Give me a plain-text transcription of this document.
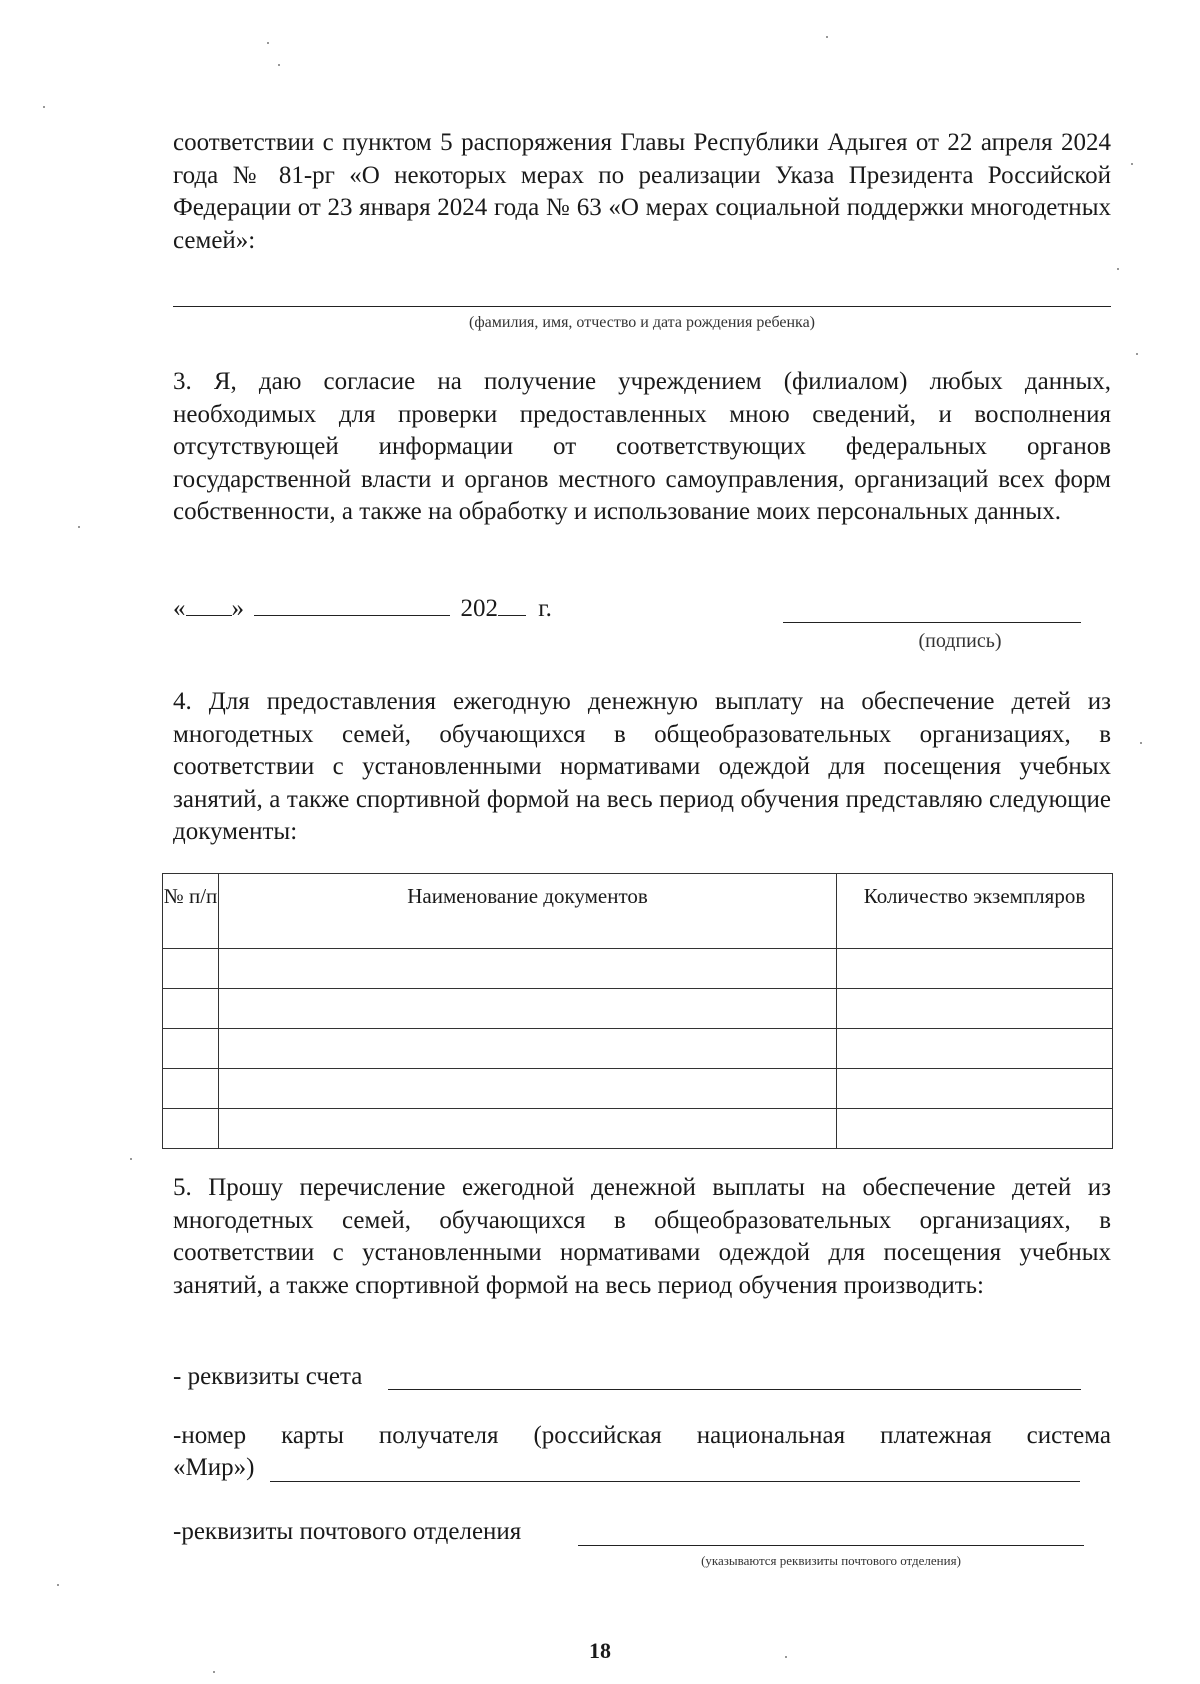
соответствии с пунктом 5 распоряжения Главы Республики Адыгея от 22 апреля 2024 года № 81-рг «О некоторых мерах по реализации Указа Президента Российской Федерации от 23 января 2024 года № 63 «О мерах социальной поддержки многодетных семей»:

(фамилия, имя, отчество и дата рождения ребенка)

3. Я, даю согласие на получение учреждением (филиалом) любых данных, необходимых для проверки предоставленных мною сведений, и восполнения отсутствующей информации от соответствующих федеральных органов государственной власти и органов местного самоуправления, организаций всех форм собственности, а также на обработку и использование моих персональных данных.

« »	202 г.
(подпись)

4. Для предоставления ежегодную денежную выплату на обеспечение детей из многодетных семей, обучающихся в общеобразовательных организациях, в соответствии с установленными нормативами одеждой для посещения учебных занятий, а также спортивной формой на весь период обучения представляю следующие документы:

№ п/п	Наименование документов	Количество экземпляров

5. Прошу перечисление ежегодной денежной выплаты на обеспечение детей из многодетных семей, обучающихся в общеобразовательных организациях, в соответствии с установленными нормативами одеждой для посещения учебных занятий, а также спортивной формой на весь период обучения производить:

- реквизиты счета

-номер карты получателя (российская национальная платежная система

«Мир»)
-реквизиты почтового отделения
(указываются реквизиты почтового отделения)
18
